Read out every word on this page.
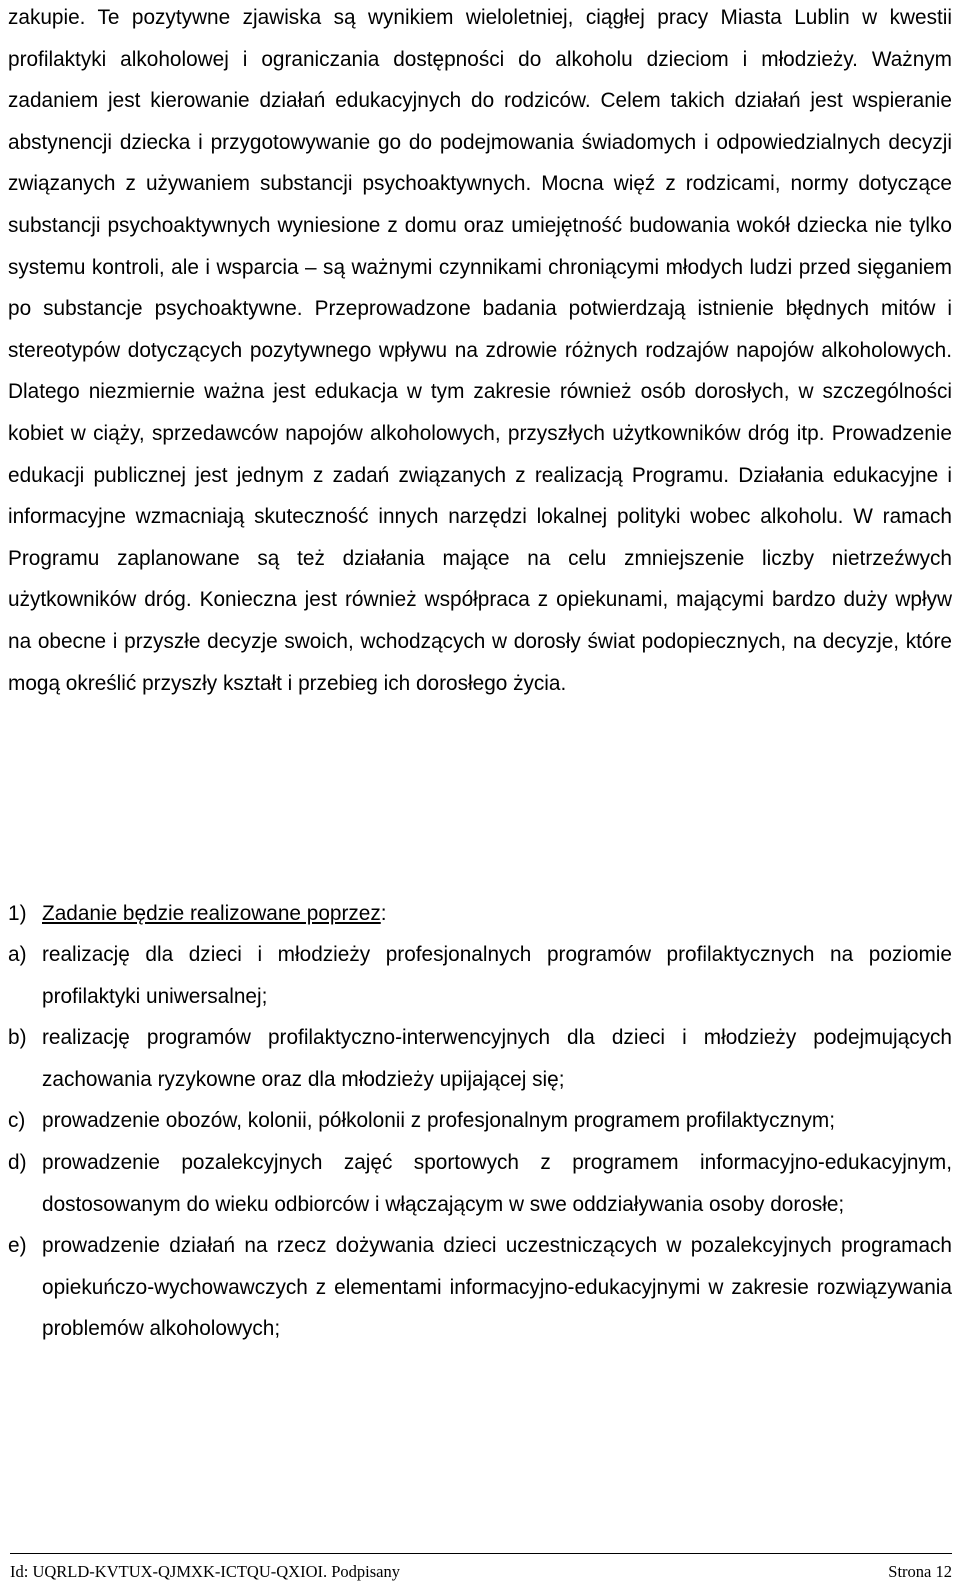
zakupie. Te pozytywne zjawiska są wynikiem wieloletniej, ciągłej pracy Miasta Lublin w kwestii profilaktyki alkoholowej i ograniczania dostępności do alkoholu dzieciom i młodzieży. Ważnym zadaniem jest kierowanie działań edukacyjnych do rodziców. Celem takich działań jest wspieranie abstynencji dziecka i przygotowywanie go do podejmowania świadomych i odpowiedzialnych decyzji związanych z używaniem substancji psychoaktywnych. Mocna więź z rodzicami, normy dotyczące substancji psychoaktywnych wyniesione z domu oraz umiejętność budowania wokół dziecka nie tylko systemu kontroli, ale i wsparcia – są ważnymi czynnikami chroniącymi młodych ludzi przed sięganiem po substancje psychoaktywne. Przeprowadzone badania potwierdzają istnienie błędnych mitów i stereotypów dotyczących pozytywnego wpływu na zdrowie różnych rodzajów napojów alkoholowych. Dlatego niezmiernie ważna jest edukacja w tym zakresie również osób dorosłych, w szczególności kobiet w ciąży, sprzedawców napojów alkoholowych, przyszłych użytkowników dróg itp. Prowadzenie edukacji publicznej jest jednym z zadań związanych z realizacją Programu. Działania edukacyjne i informacyjne wzmacniają skuteczność innych narzędzi lokalnej polityki wobec alkoholu. W ramach Programu zaplanowane są też działania mające na celu zmniejszenie liczby nietrzeźwych użytkowników dróg. Konieczna jest również współpraca z opiekunami, mającymi bardzo duży wpływ na obecne i przyszłe decyzje swoich, wchodzących w dorosły świat podopiecznych, na decyzje, które mogą określić przyszły kształt i przebieg ich dorosłego życia.

1) Zadanie będzie realizowane poprzez:

a) realizację dla dzieci i młodzieży profesjonalnych programów profilaktycznych na poziomie profilaktyki uniwersalnej;
b) realizację programów profilaktyczno-interwencyjnych dla dzieci i młodzieży podejmujących zachowania ryzykowne oraz dla młodzieży upijającej się;
c) prowadzenie obozów, kolonii, półkolonii z profesjonalnym programem profilaktycznym;
d) prowadzenie pozalekcyjnych zajęć sportowych z programem informacyjno-edukacyjnym, dostosowanym do wieku odbiorców i włączającym w swe oddziaływania osoby dorosłe;
e) prowadzenie działań na rzecz dożywania dzieci uczestniczących w pozalekcyjnych programach opiekuńczo-wychowawczych z elementami informacyjno-edukacyjnymi w zakresie rozwiązywania problemów alkoholowych;
Id: UQRLD-KVTUX-QJMXK-ICTQU-QXIOI. Podpisany	Strona 12
